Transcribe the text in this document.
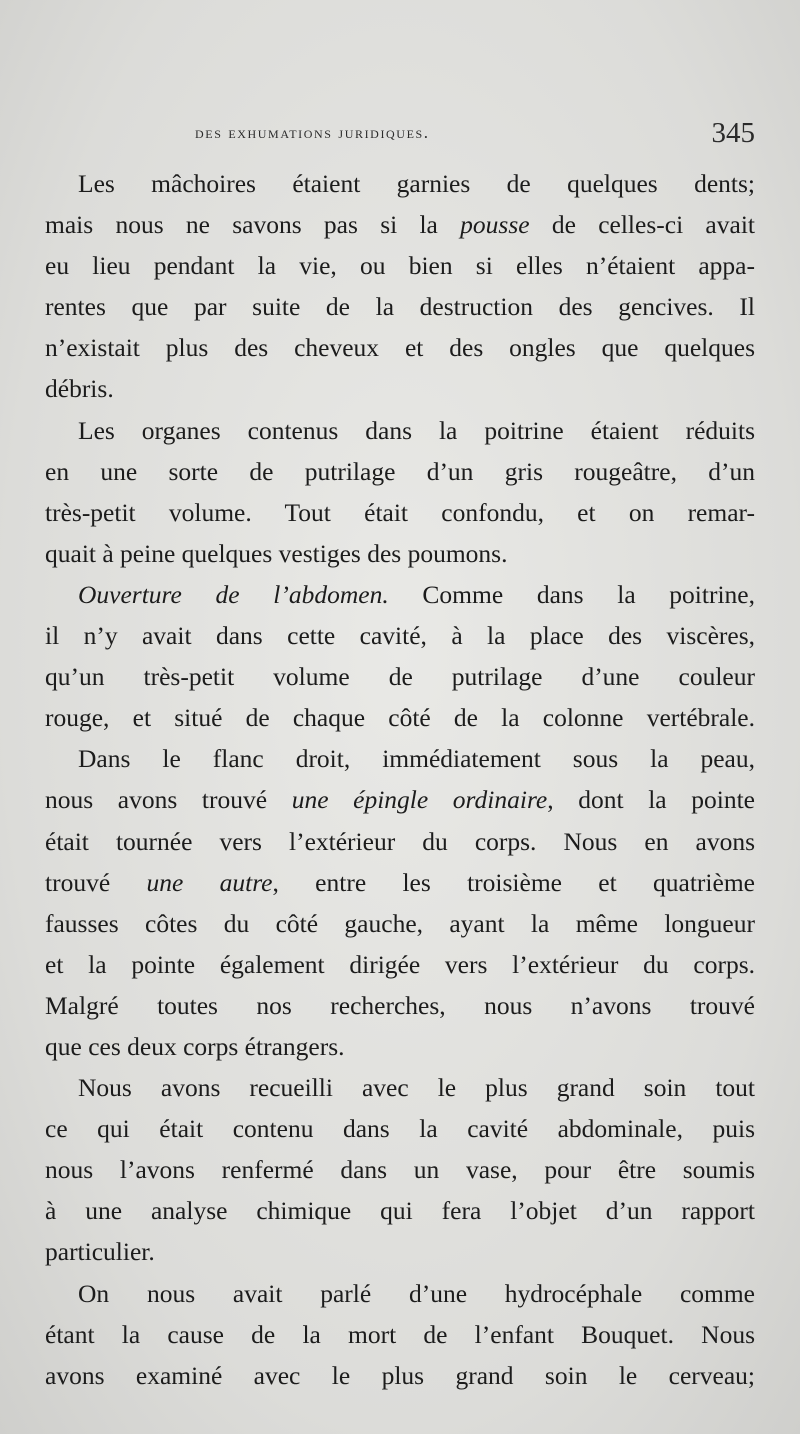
des exhumations juridiques.	345
Les mâchoires étaient garnies de quelques dents;
mais nous ne savons pas si la pousse de celles-ci avait
eu lieu pendant la vie, ou bien si elles n’étaient appa-
rentes que par suite de la destruction des gencives. Il
n’existait plus des cheveux et des ongles que quelques
débris.
Les organes contenus dans la poitrine étaient réduits
en une sorte de putrilage d’un gris rougeâtre, d’un
très-petit volume. Tout était confondu, et on remar-
quait à peine quelques vestiges des poumons.
Ouverture de l’abdomen. Comme dans la poitrine,
il n’y avait dans cette cavité, à la place des viscères,
qu’un très-petit volume de putrilage d’une couleur
rouge, et situé de chaque côté de la colonne vertébrale.
Dans le flanc droit, immédiatement sous la peau,
nous avons trouvé une épingle ordinaire, dont la pointe
était tournée vers l’extérieur du corps. Nous en avons
trouvé une autre, entre les troisième et quatrième
fausses côtes du côté gauche, ayant la même longueur
et la pointe également dirigée vers l’extérieur du corps.
Malgré toutes nos recherches, nous n’avons trouvé
que ces deux corps étrangers.
Nous avons recueilli avec le plus grand soin tout
ce qui était contenu dans la cavité abdominale, puis
nous l’avons renfermé dans un vase, pour être soumis
à une analyse chimique qui fera l’objet d’un rapport
particulier.
On nous avait parlé d’une hydrocéphale comme
étant la cause de la mort de l’enfant Bouquet. Nous
avons examiné avec le plus grand soin le cerveau;
